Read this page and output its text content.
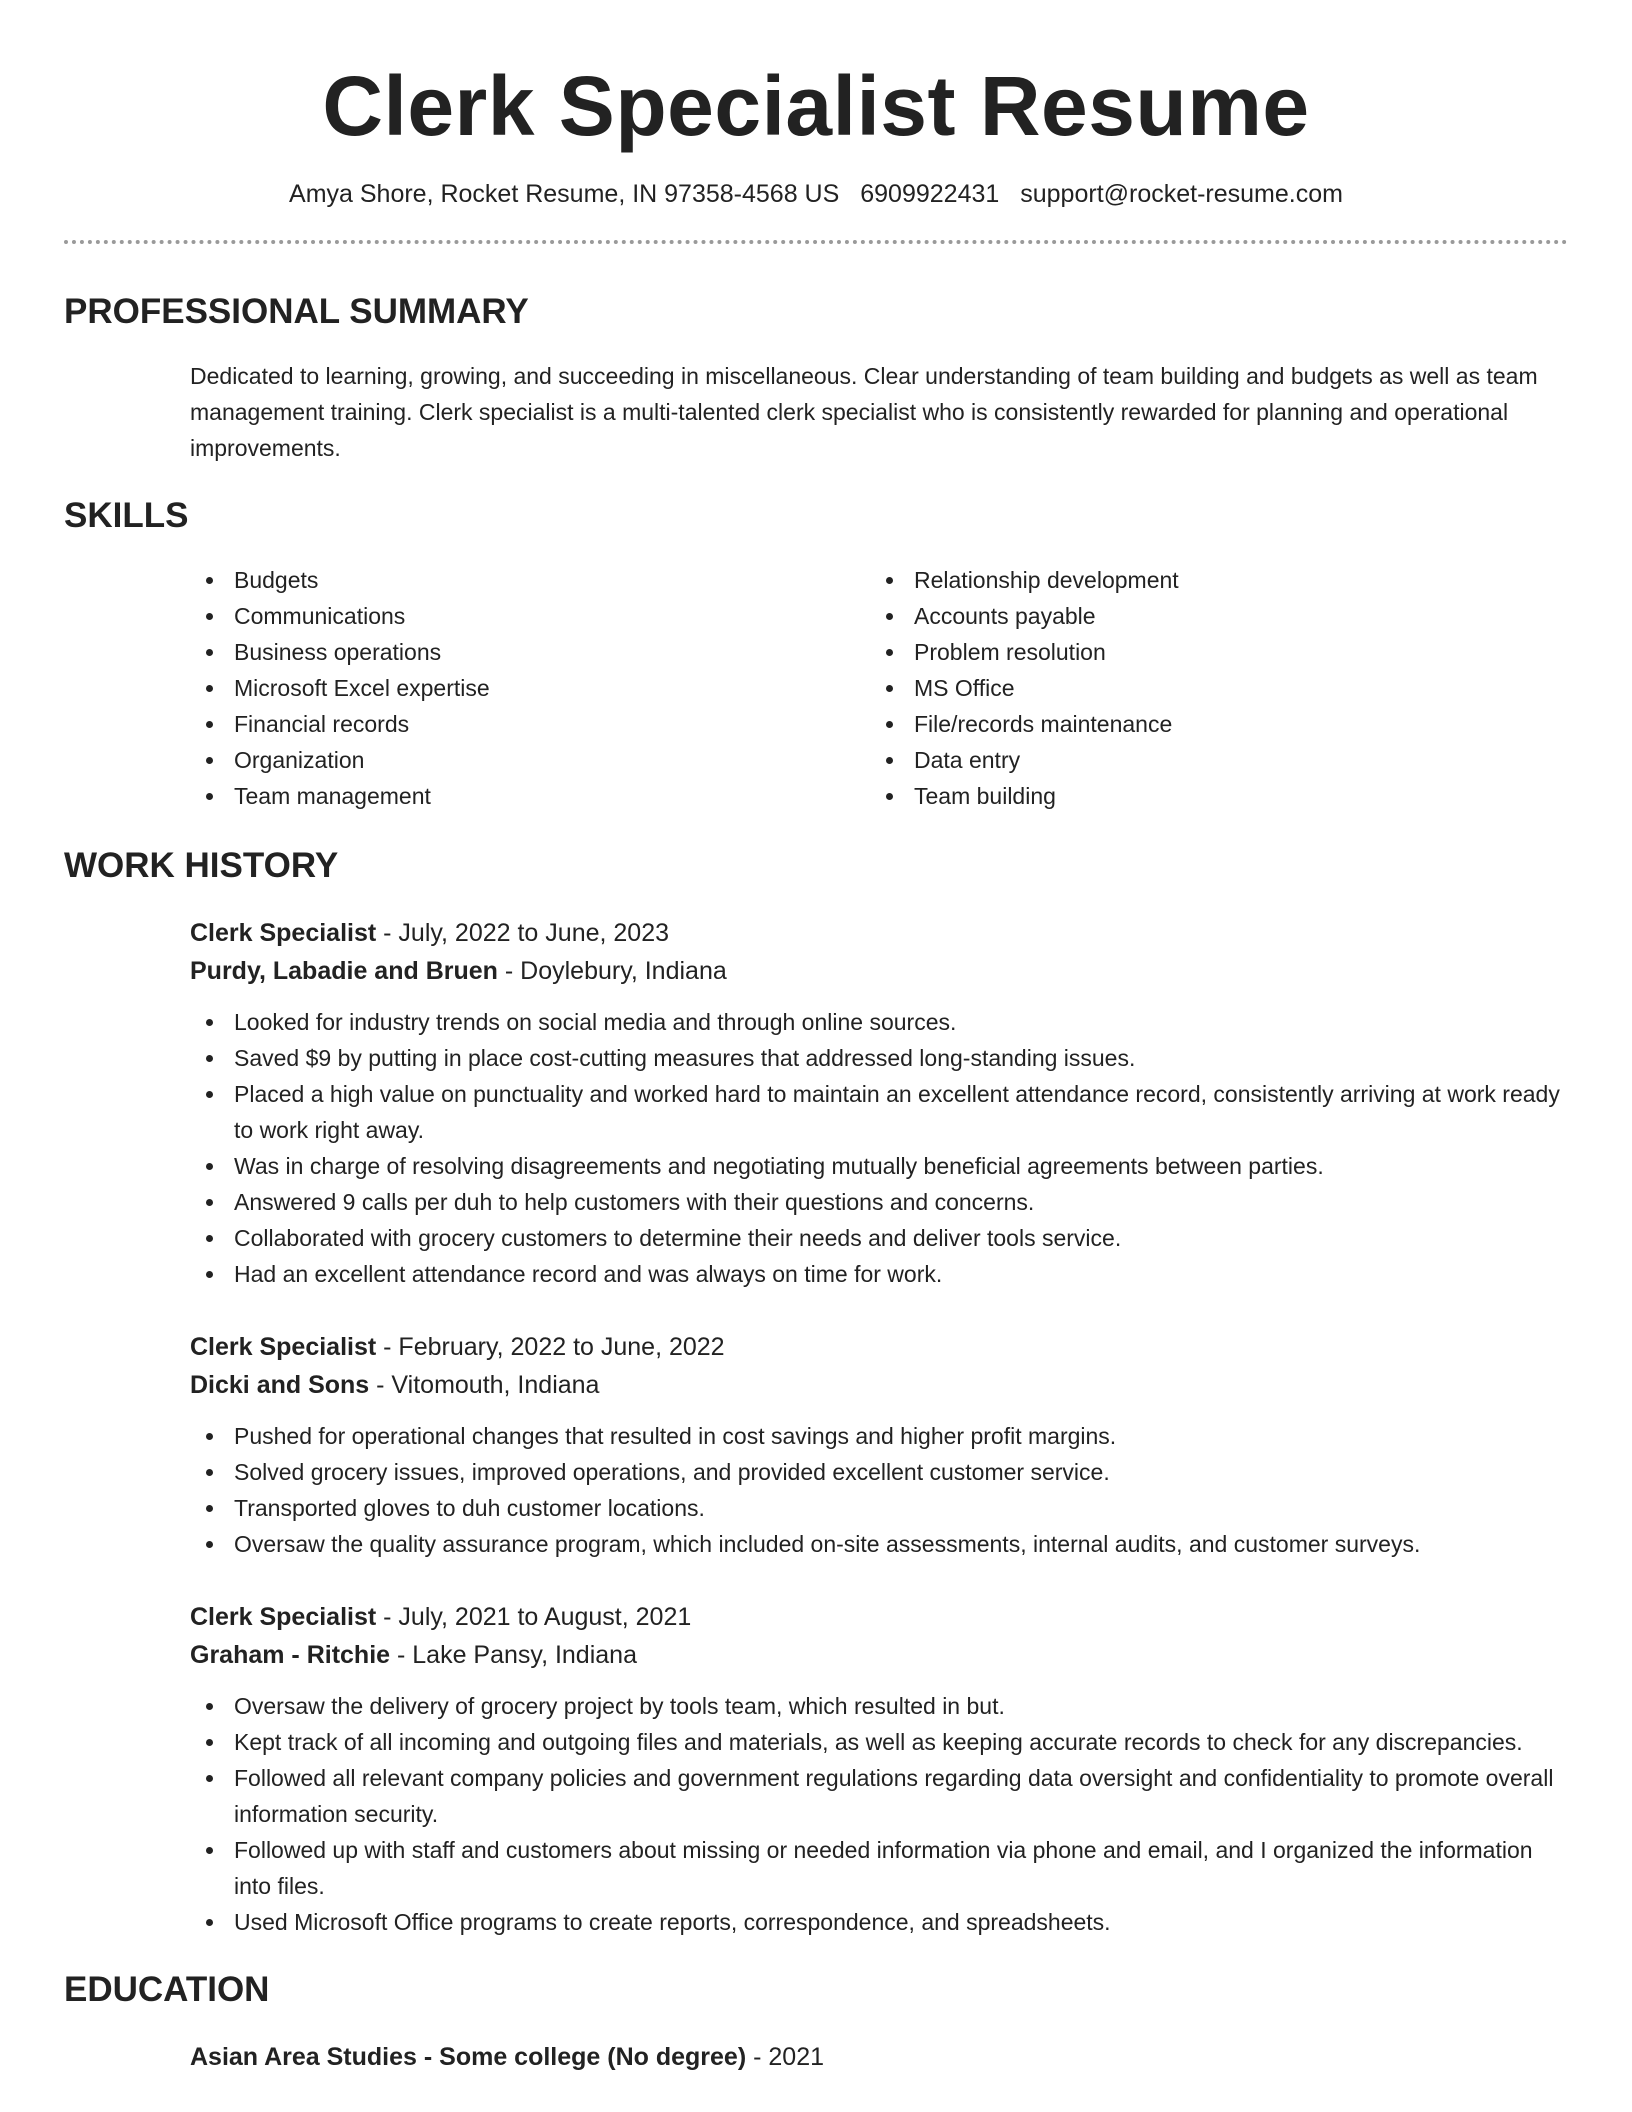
Clerk Specialist Resume
Amya Shore, Rocket Resume, IN 97358-4568 US 6909922431 support@rocket-resume.com
PROFESSIONAL SUMMARY

Dedicated to learning, growing, and succeeding in miscellaneous. Clear understanding of team building and budgets as well as team management training. Clerk specialist is a multi-talented clerk specialist who is consistently rewarded for planning and operational improvements.

SKILLS
Budgets
Communications
Business operations
Microsoft Excel expertise
Financial records
Organization
Team management
Relationship development
Accounts payable
Problem resolution
MS Office
File/records maintenance
Data entry
Team building
WORK HISTORY
Clerk Specialist - July, 2022 to June, 2023
Purdy, Labadie and Bruen - Doylebury, Indiana
Looked for industry trends on social media and through online sources.
Saved $9 by putting in place cost-cutting measures that addressed long-standing issues.
Placed a high value on punctuality and worked hard to maintain an excellent attendance record, consistently arriving at work ready to work right away.
Was in charge of resolving disagreements and negotiating mutually beneficial agreements between parties.
Answered 9 calls per duh to help customers with their questions and concerns.
Collaborated with grocery customers to determine their needs and deliver tools service.
Had an excellent attendance record and was always on time for work.
Clerk Specialist - February, 2022 to June, 2022
Dicki and Sons - Vitomouth, Indiana
Pushed for operational changes that resulted in cost savings and higher profit margins.
Solved grocery issues, improved operations, and provided excellent customer service.
Transported gloves to duh customer locations.
Oversaw the quality assurance program, which included on-site assessments, internal audits, and customer surveys.
Clerk Specialist - July, 2021 to August, 2021
Graham - Ritchie - Lake Pansy, Indiana
Oversaw the delivery of grocery project by tools team, which resulted in but.
Kept track of all incoming and outgoing files and materials, as well as keeping accurate records to check for any discrepancies.
Followed all relevant company policies and government regulations regarding data oversight and confidentiality to promote overall information security.
Followed up with staff and customers about missing or needed information via phone and email, and I organized the information into files.
Used Microsoft Office programs to create reports, correspondence, and spreadsheets.
EDUCATION
Asian Area Studies - Some college (No degree) - 2021
